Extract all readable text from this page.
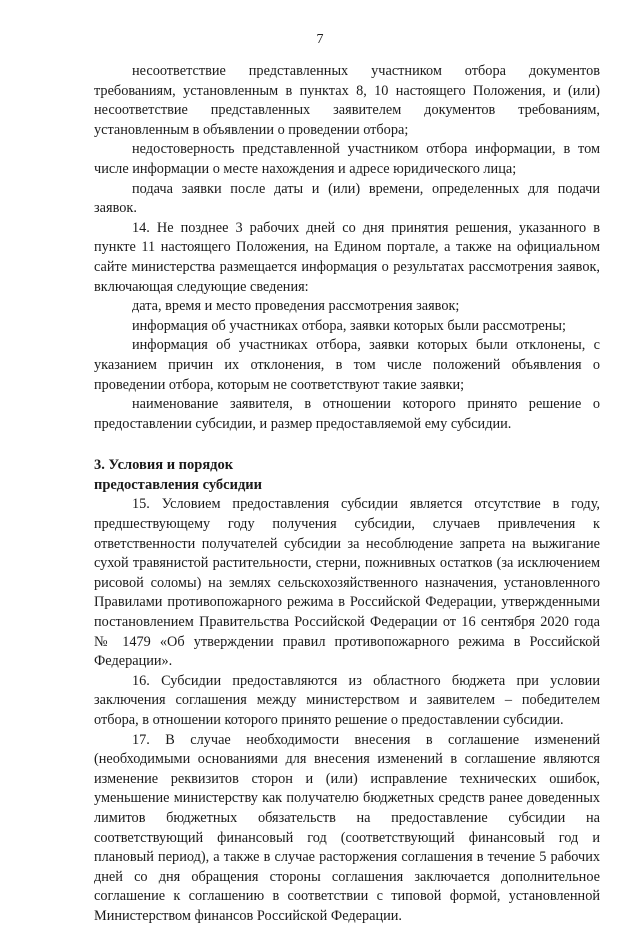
7

несоответствие представленных участником отбора документов требованиям, установленным в пунктах 8, 10 настоящего Положения, и (или) несоответствие представленных заявителем документов требованиям, установленным в объявлении о проведении отбора;

недостоверность представленной участником отбора информации, в том числе информации о месте нахождения и адресе юридического лица;

подача заявки после даты и (или) времени, определенных для подачи заявок.

14. Не позднее 3 рабочих дней со дня принятия решения, указанного в пункте 11 настоящего Положения, на Едином портале, а также на официальном сайте министерства размещается информация о результатах рассмотрения заявок, включающая следующие сведения:

дата, время и место проведения рассмотрения заявок;

информация об участниках отбора, заявки которых были рассмотрены;

информация об участниках отбора, заявки которых были отклонены, с указанием причин их отклонения, в том числе положений объявления о проведении отбора, которым не соответствуют такие заявки;

наименование заявителя, в отношении которого принято решение о предоставлении субсидии, и размер предоставляемой ему субсидии.

3. Условия и порядок

предоставления субсидии

15. Условием предоставления субсидии является отсутствие в году, предшествующему году получения субсидии, случаев привлечения к ответственности получателей субсидии за несоблюдение запрета на выжигание сухой травянистой растительности, стерни, пожнивных остатков (за исключением рисовой соломы) на землях сельскохозяйственного назначения, установленного Правилами противопожарного режима в Российской Федерации, утвержденными постановлением Правительства Российской Федерации от 16 сентября 2020 года № 1479 «Об утверждении правил противопожарного режима в Российской Федерации».

16. Субсидии предоставляются из областного бюджета при условии заключения соглашения между министерством и заявителем – победителем отбора, в отношении которого принято решение о предоставлении субсидии.

17. В случае необходимости внесения в соглашение изменений (необходимыми основаниями для внесения изменений в соглашение являются изменение реквизитов сторон и (или) исправление технических ошибок, уменьшение министерству как получателю бюджетных средств ранее доведенных лимитов бюджетных обязательств на предоставление субсидии на соответствующий финансовый год (соответствующий финансовый год и плановый период), а также в случае расторжения соглашения в течение 5 рабочих дней со дня обращения стороны соглашения заключается дополнительное соглашение к соглашению в соответствии с типовой формой, установленной Министерством финансов Российской Федерации.
